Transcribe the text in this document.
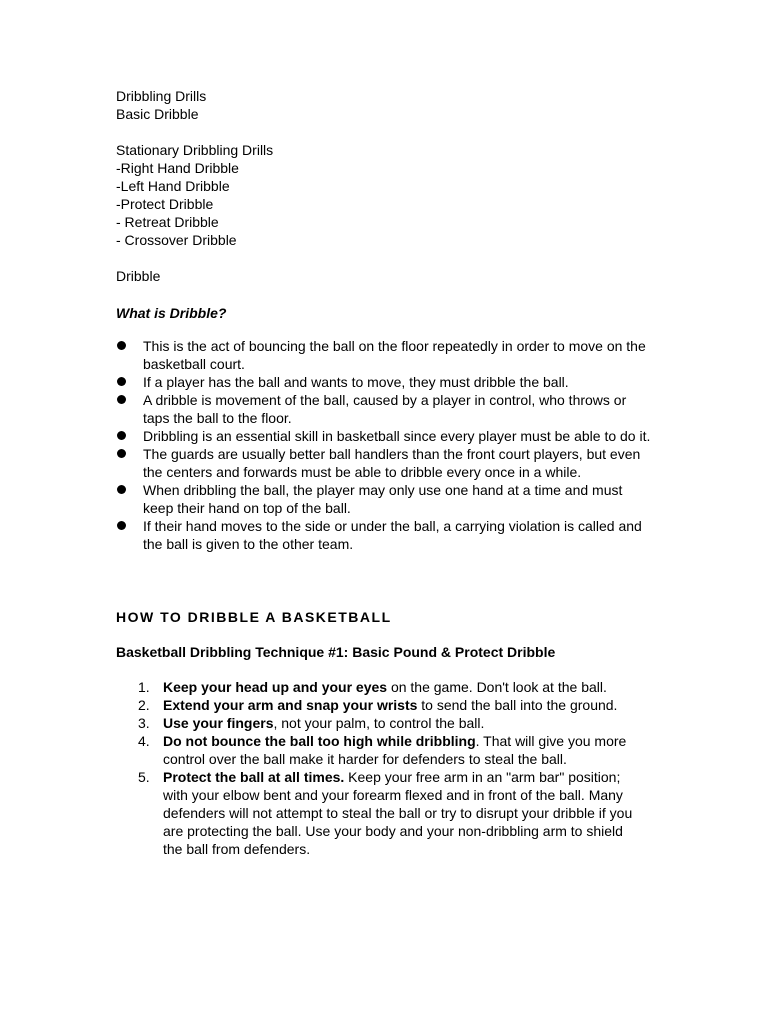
Dribbling Drills
Basic Dribble
Stationary Dribbling Drills
-Right Hand Dribble
-Left Hand Dribble
-Protect Dribble
- Retreat Dribble
- Crossover Dribble
Dribble
What is Dribble?
This is the act of bouncing the ball on the floor repeatedly in order to move on the basketball court.
If a player has the ball and wants to move, they must dribble the ball.
A dribble is movement of the ball, caused by a player in control, who throws or taps the ball to the floor.
Dribbling is an essential skill in basketball since every player must be able to do it.
The guards are usually better ball handlers than the front court players, but even the centers and forwards must be able to dribble every once in a while.
When dribbling the ball, the player may only use one hand at a time and must keep their hand on top of the ball.
If their hand moves to the side or under the ball, a carrying violation is called and the ball is given to the other team.
HOW TO DRIBBLE A BASKETBALL
Basketball Dribbling Technique #1: Basic Pound & Protect Dribble
1. Keep your head up and your eyes on the game. Don't look at the ball.
2. Extend your arm and snap your wrists to send the ball into the ground.
3. Use your fingers, not your palm, to control the ball.
4. Do not bounce the ball too high while dribbling. That will give you more control over the ball make it harder for defenders to steal the ball.
5. Protect the ball at all times. Keep your free arm in an "arm bar" position; with your elbow bent and your forearm flexed and in front of the ball. Many defenders will not attempt to steal the ball or try to disrupt your dribble if you are protecting the ball. Use your body and your non-dribbling arm to shield the ball from defenders.
